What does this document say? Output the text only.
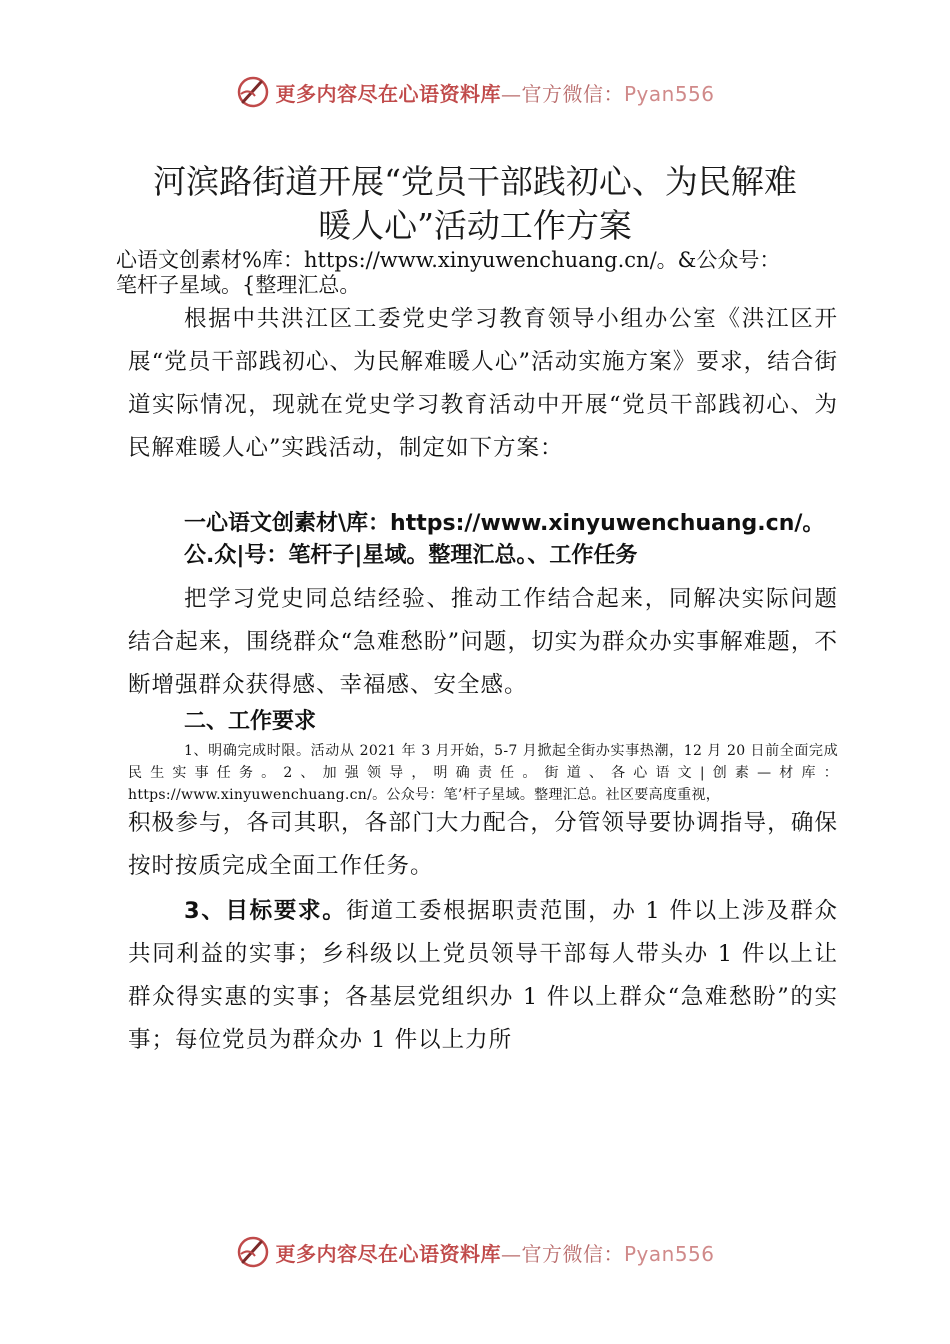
更多内容尽在心语资料库—官方微信：Pyan556
河滨路街道开展“党员干部践初心、为民解难
暖人心”活动工作方案

心语文创素材%库：https://www.xinyuwenchuang.cn/。&公众号：

笔杆子星域。{整理汇总。

根据中共洪江区工委党史学习教育领导小组办公室《洪江区开展“党员干部践初心、为民解难暖人心”活动实施方案》要求，结合街道实际情况，现就在党史学习教育活动中开展“党员干部践初心、为民解难暖人心”实践活动，制定如下方案：

一心语文创素材\库：https://www.xinyuwenchuang.cn/。

公.众|号：笔杆子|星域。整理汇总。、工作任务

把学习党史同总结经验、推动工作结合起来，同解决实际问题结合起来，围绕群众“急难愁盼”问题，切实为群众办实事解难题，不断增强群众获得感、幸福感、安全感。

二、工作要求

1、明确完成时限。活动从 2021 年 3 月开始，5-7 月掀起全街办实事热潮，12 月 20 日前全面完成民生实事任务。2、加强领导，明确责任。街道、各心语文|创素—材库：https://www.xinyuwenchuang.cn/。公众号：笔’杆子星域。整理汇总。社区要高度重视，

积极参与，各司其职，各部门大力配合，分管领导要协调指导，确保按时按质完成全面工作任务。

3、目标要求。街道工委根据职责范围，办 1 件以上涉及群众共同利益的实事；乡科级以上党员领导干部每人带头办 1 件以上让群众得实惠的实事；各基层党组织办 1 件以上群众“急难愁盼”的实事；每位党员为群众办 1 件以上力所

更多内容尽在心语资料库—官方微信：Pyan556
